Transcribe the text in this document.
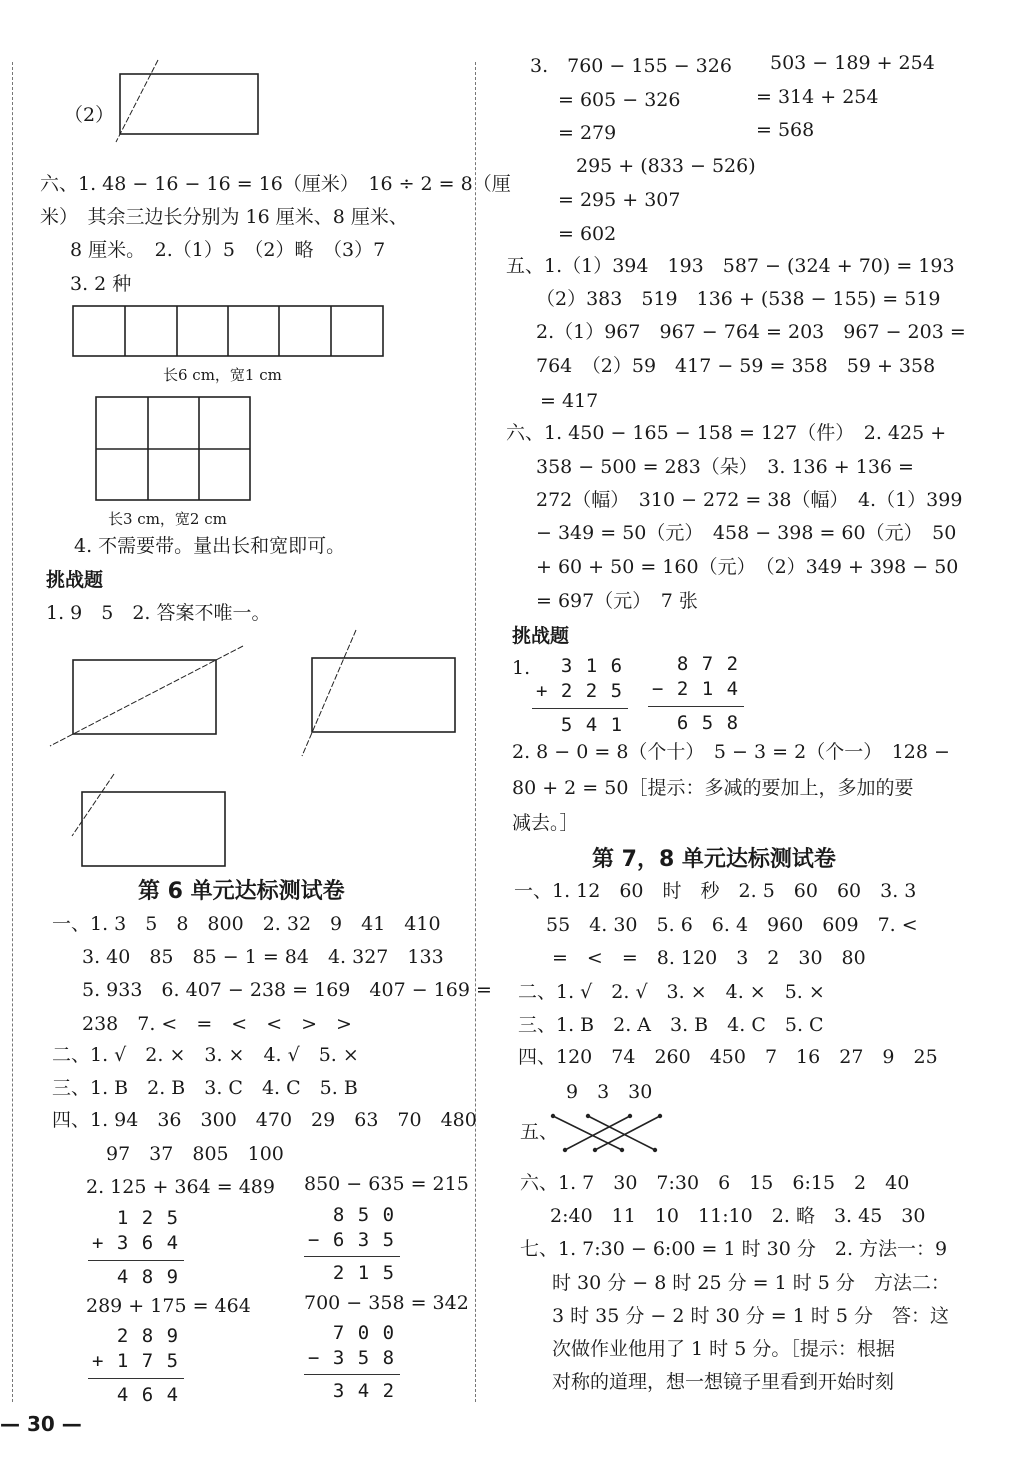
（2）
六、1. 48 − 16 − 16 = 16（厘米）　16 ÷ 2 = 8（厘
米）　其余三边长分别为 16 厘米、8 厘米、
8 厘米。　2.（1）5　（2）略　（3）7
3. 2 种
长6 cm，宽1 cm
长3 cm，宽2 cm
4. 不需要带。量出长和宽即可。
挑战题
1. 9　5　2. 答案不唯一。
第 6 单元达标测试卷
一、1. 3　5　8　800　2. 32　9　41　410
3. 40　85　85 − 1 = 84　4. 327　133
5. 933　6. 407 − 238 = 169　407 − 169 =
238　7. <　=　<　<　>　>
二、1. √　2. ×　3. ×　4. √　5. ×
三、1. B　2. B　3. C　4. C　5. B
四、1. 94　36　300　470　29　63　70　480
97　37　805　100
2. 125 + 364 = 489 850 − 635 = 215
1 2 5
+ 3 6 4
4 8 9
8 5 0
− 6 3 5
2 1 5
289 + 175 = 464	700 − 358 = 342
2 8 9
+ 1 7 5
4 6 4
7 0 0
− 3 5 8
3 4 2
— 30 —
3.　760 − 155 − 326 503 − 189 + 254
= 605 − 326	= 314 + 254
= 279	= 568
295 + (833 − 526)
= 295 + 307
= 602
五、1.（1）394　193　587 − (324 + 70) = 193
（2）383　519　136 + (538 − 155) = 519
2.（1）967　967 − 764 = 203　967 − 203 =
764　（2）59　417 − 59 = 358　59 + 358
= 417
六、1. 450 − 165 − 158 = 127（件）　2. 425 +
358 − 500 = 283（朵）　3. 136 + 136 =
272（幅）　310 − 272 = 38（幅）　4.（1）399
− 349 = 50（元）　458 − 398 = 60（元）　50
+ 60 + 50 = 160（元）　（2）349 + 398 − 50
= 697（元）　7 张
挑战题
1. 3 1 6
+ 2 2 5
5 4 1
8 7 2
− 2 1 4
6 5 8
2. 8 − 0 = 8（个十）　5 − 3 = 2（个一）　128 −
80 + 2 = 50［提示：多减的要加上，多加的要
减去。］
第 7，8 单元达标测试卷
一、1. 12　60　时　秒　2. 5　60　60　3. 3
55　4. 30　5. 6　6. 4　960　609　7. <
=　<　=　8. 120　3　2　30　80
二、1. √　2. √　3. ×　4. ×　5. ×
三、1. B　2. A　3. B　4. C　5. C
四、120　74　260　450　7　16　27　9　25
9　3　30
五、
六、1. 7　30　7:30　6　15　6:15　2　40
2:40　11　10　11:10　2. 略　3. 45　30
七、1. 7:30 − 6:00 = 1 时 30 分　2. 方法一：9
时 30 分 − 8 时 25 分 = 1 时 5 分　方法二：
3 时 35 分 − 2 时 30 分 = 1 时 5 分　答：这
次做作业他用了 1 时 5 分。［提示：根据
对称的道理，想一想镜子里看到开始时刻
